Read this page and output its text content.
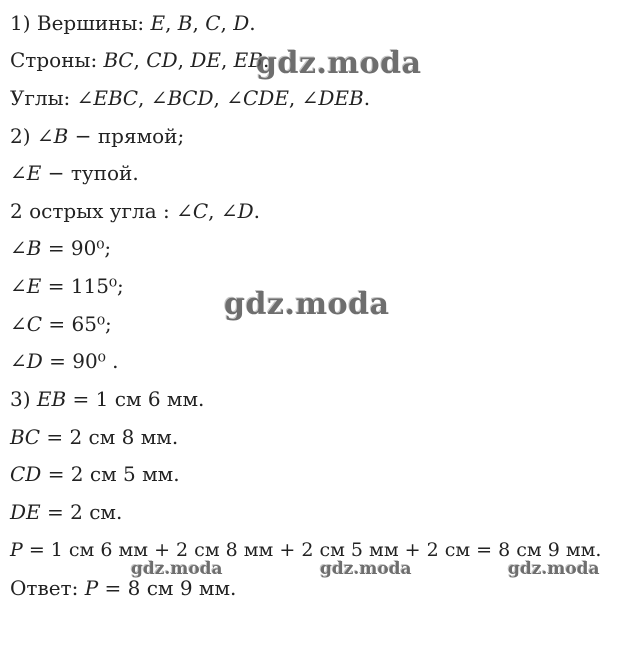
1) Вершины: 𝐸, 𝐵, 𝐶, 𝐷.
Строны: 𝐵𝐶, 𝐶𝐷, 𝐷𝐸, 𝐸𝐵.
Углы: ∠𝐸𝐵𝐶, ∠𝐵𝐶𝐷, ∠𝐶𝐷𝐸, ∠𝐷𝐸𝐵.
2) ∠𝐵 − прямой;
∠𝐸 − тупой.
2 острых угла : ∠𝐶, ∠𝐷.
∠𝐵 = 90⁰;
∠𝐸 = 115⁰;
∠𝐶 = 65⁰;
∠𝐷 = 90⁰ .
3) 𝐸𝐵 = 1 см 6 мм.
𝐵𝐶 = 2 см 8 мм.
𝐶𝐷 = 2 см 5 мм.
𝐷𝐸 = 2 см.
𝑃 = 1 см 6 мм + 2 см 8 мм + 2 см 5 мм + 2 см = 8 см 9 мм.
Ответ: 𝑃 = 8 см 9 мм.
gdz.moda
gdz.moda
gdz.moda	gdz.moda	gdz.moda
